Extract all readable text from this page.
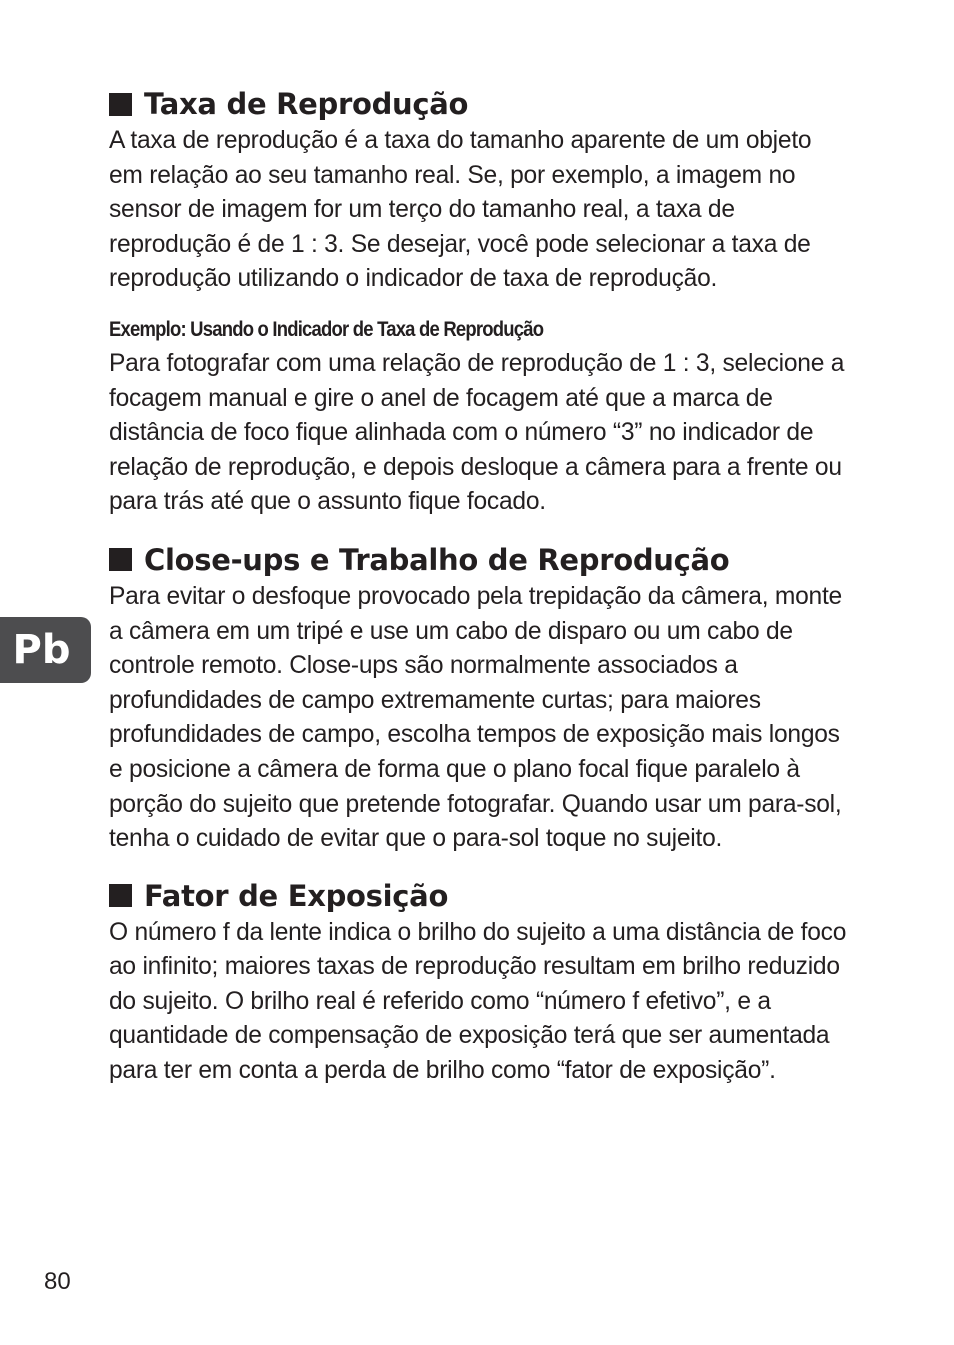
Taxa de Reprodução

A taxa de reprodução é a taxa do tamanho aparente de um objeto em relação ao seu tamanho real. Se, por exemplo, a imagem no sensor de imagem for um terço do tamanho real, a taxa de reprodução é de 1 : 3. Se desejar, você pode selecionar a taxa de reprodução utilizando o indicador de taxa de reprodução.

Exemplo: Usando o Indicador de Taxa de Reprodução

Para fotografar com uma relação de reprodução de 1 : 3, selecione a focagem manual e gire o anel de focagem até que a marca de distância de foco fique alinhada com o número “3” no indicador de relação de reprodução, e depois desloque a câmera para a frente ou para trás até que o assunto fique focado.

Close-ups e Trabalho de Reprodução

Para evitar o desfoque provocado pela trepidação da câmera, monte a câmera em um tripé e use um cabo de disparo ou um cabo de controle remoto. Close-ups são normalmente associados a profundidades de campo extremamente curtas; para maiores profundidades de campo, escolha tempos de exposição mais longos e posicione a câmera de forma que o plano focal fique paralelo à porção do sujeito que pretende fotografar. Quando usar um para-sol, tenha o cuidado de evitar que o para-sol toque no sujeito.

Fator de Exposição

O número f da lente indica o brilho do sujeito a uma distância de foco ao infinito; maiores taxas de reprodução resultam em brilho reduzido do sujeito. O brilho real é referido como “número f efetivo”, e a quantidade de compensação de exposição terá que ser aumentada para ter em conta a perda de brilho como “fator de exposição”.

Pb
80
